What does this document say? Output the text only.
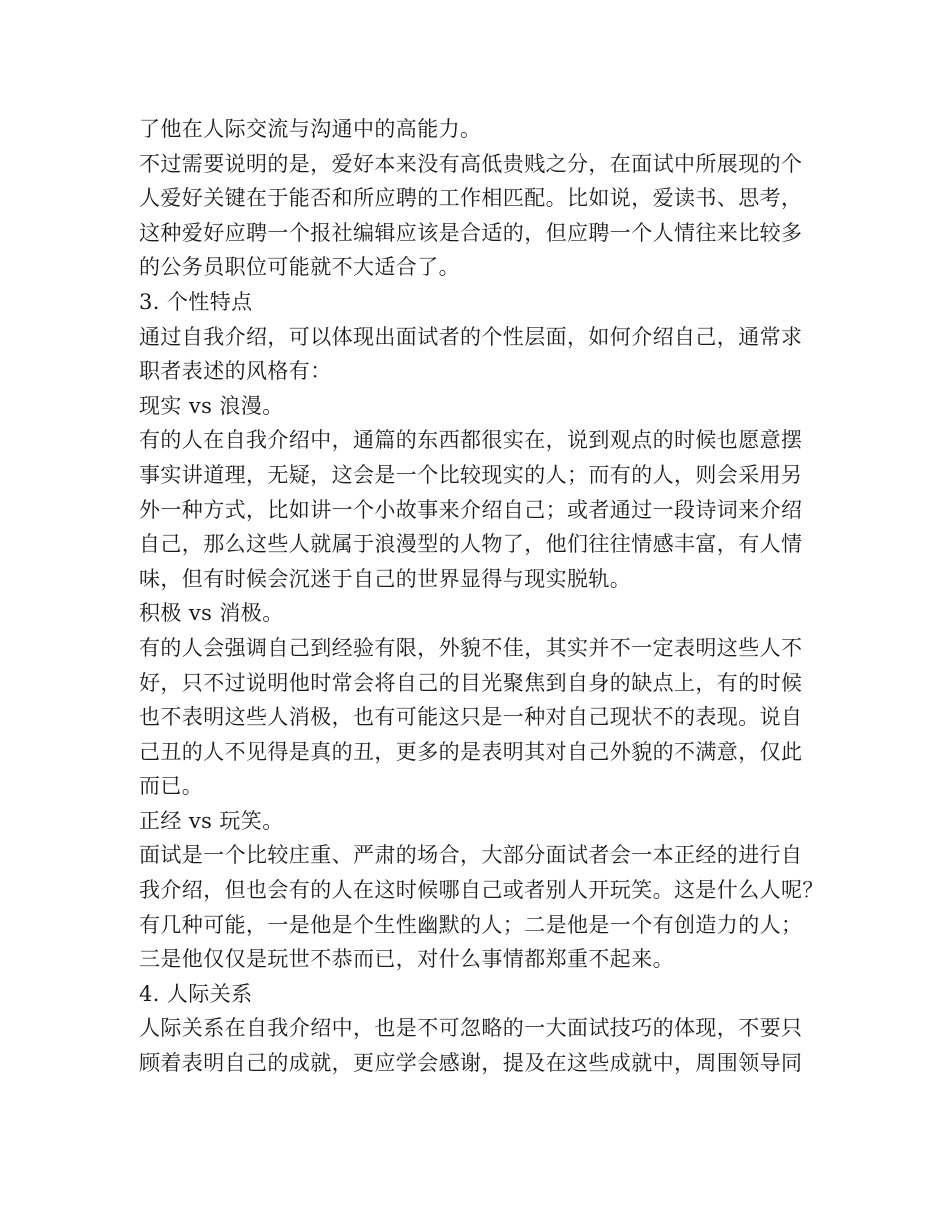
了他在人际交流与沟通中的高能力。
不过需要说明的是，爱好本来没有高低贵贱之分，在面试中所展现的个
人爱好关键在于能否和所应聘的工作相匹配。比如说，爱读书、思考，
这种爱好应聘一个报社编辑应该是合适的，但应聘一个人情往来比较多
的公务员职位可能就不大适合了。
3. 个性特点
通过自我介绍，可以体现出面试者的个性层面，如何介绍自己，通常求
职者表述的风格有：
现实 vs 浪漫。
有的人在自我介绍中，通篇的东西都很实在，说到观点的时候也愿意摆
事实讲道理，无疑，这会是一个比较现实的人；而有的人，则会采用另
外一种方式，比如讲一个小故事来介绍自己；或者通过一段诗词来介绍
自己，那么这些人就属于浪漫型的人物了，他们往往情感丰富，有人情
味，但有时候会沉迷于自己的世界显得与现实脱轨。
积极 vs 消极。
有的人会强调自己到经验有限，外貌不佳，其实并不一定表明这些人不
好，只不过说明他时常会将自己的目光聚焦到自身的缺点上，有的时候
也不表明这些人消极，也有可能这只是一种对自己现状不的表现。说自
己丑的人不见得是真的丑，更多的是表明其对自己外貌的不满意，仅此
而已。
正经 vs 玩笑。
面试是一个比较庄重、严肃的场合，大部分面试者会一本正经的进行自
我介绍，但也会有的人在这时候哪自己或者别人开玩笑。这是什么人呢？
有几种可能，一是他是个生性幽默的人；二是他是一个有创造力的人；
三是他仅仅是玩世不恭而已，对什么事情都郑重不起来。
4. 人际关系
人际关系在自我介绍中，也是不可忽略的一大面试技巧的体现，不要只
顾着表明自己的成就，更应学会感谢，提及在这些成就中，周围领导同
